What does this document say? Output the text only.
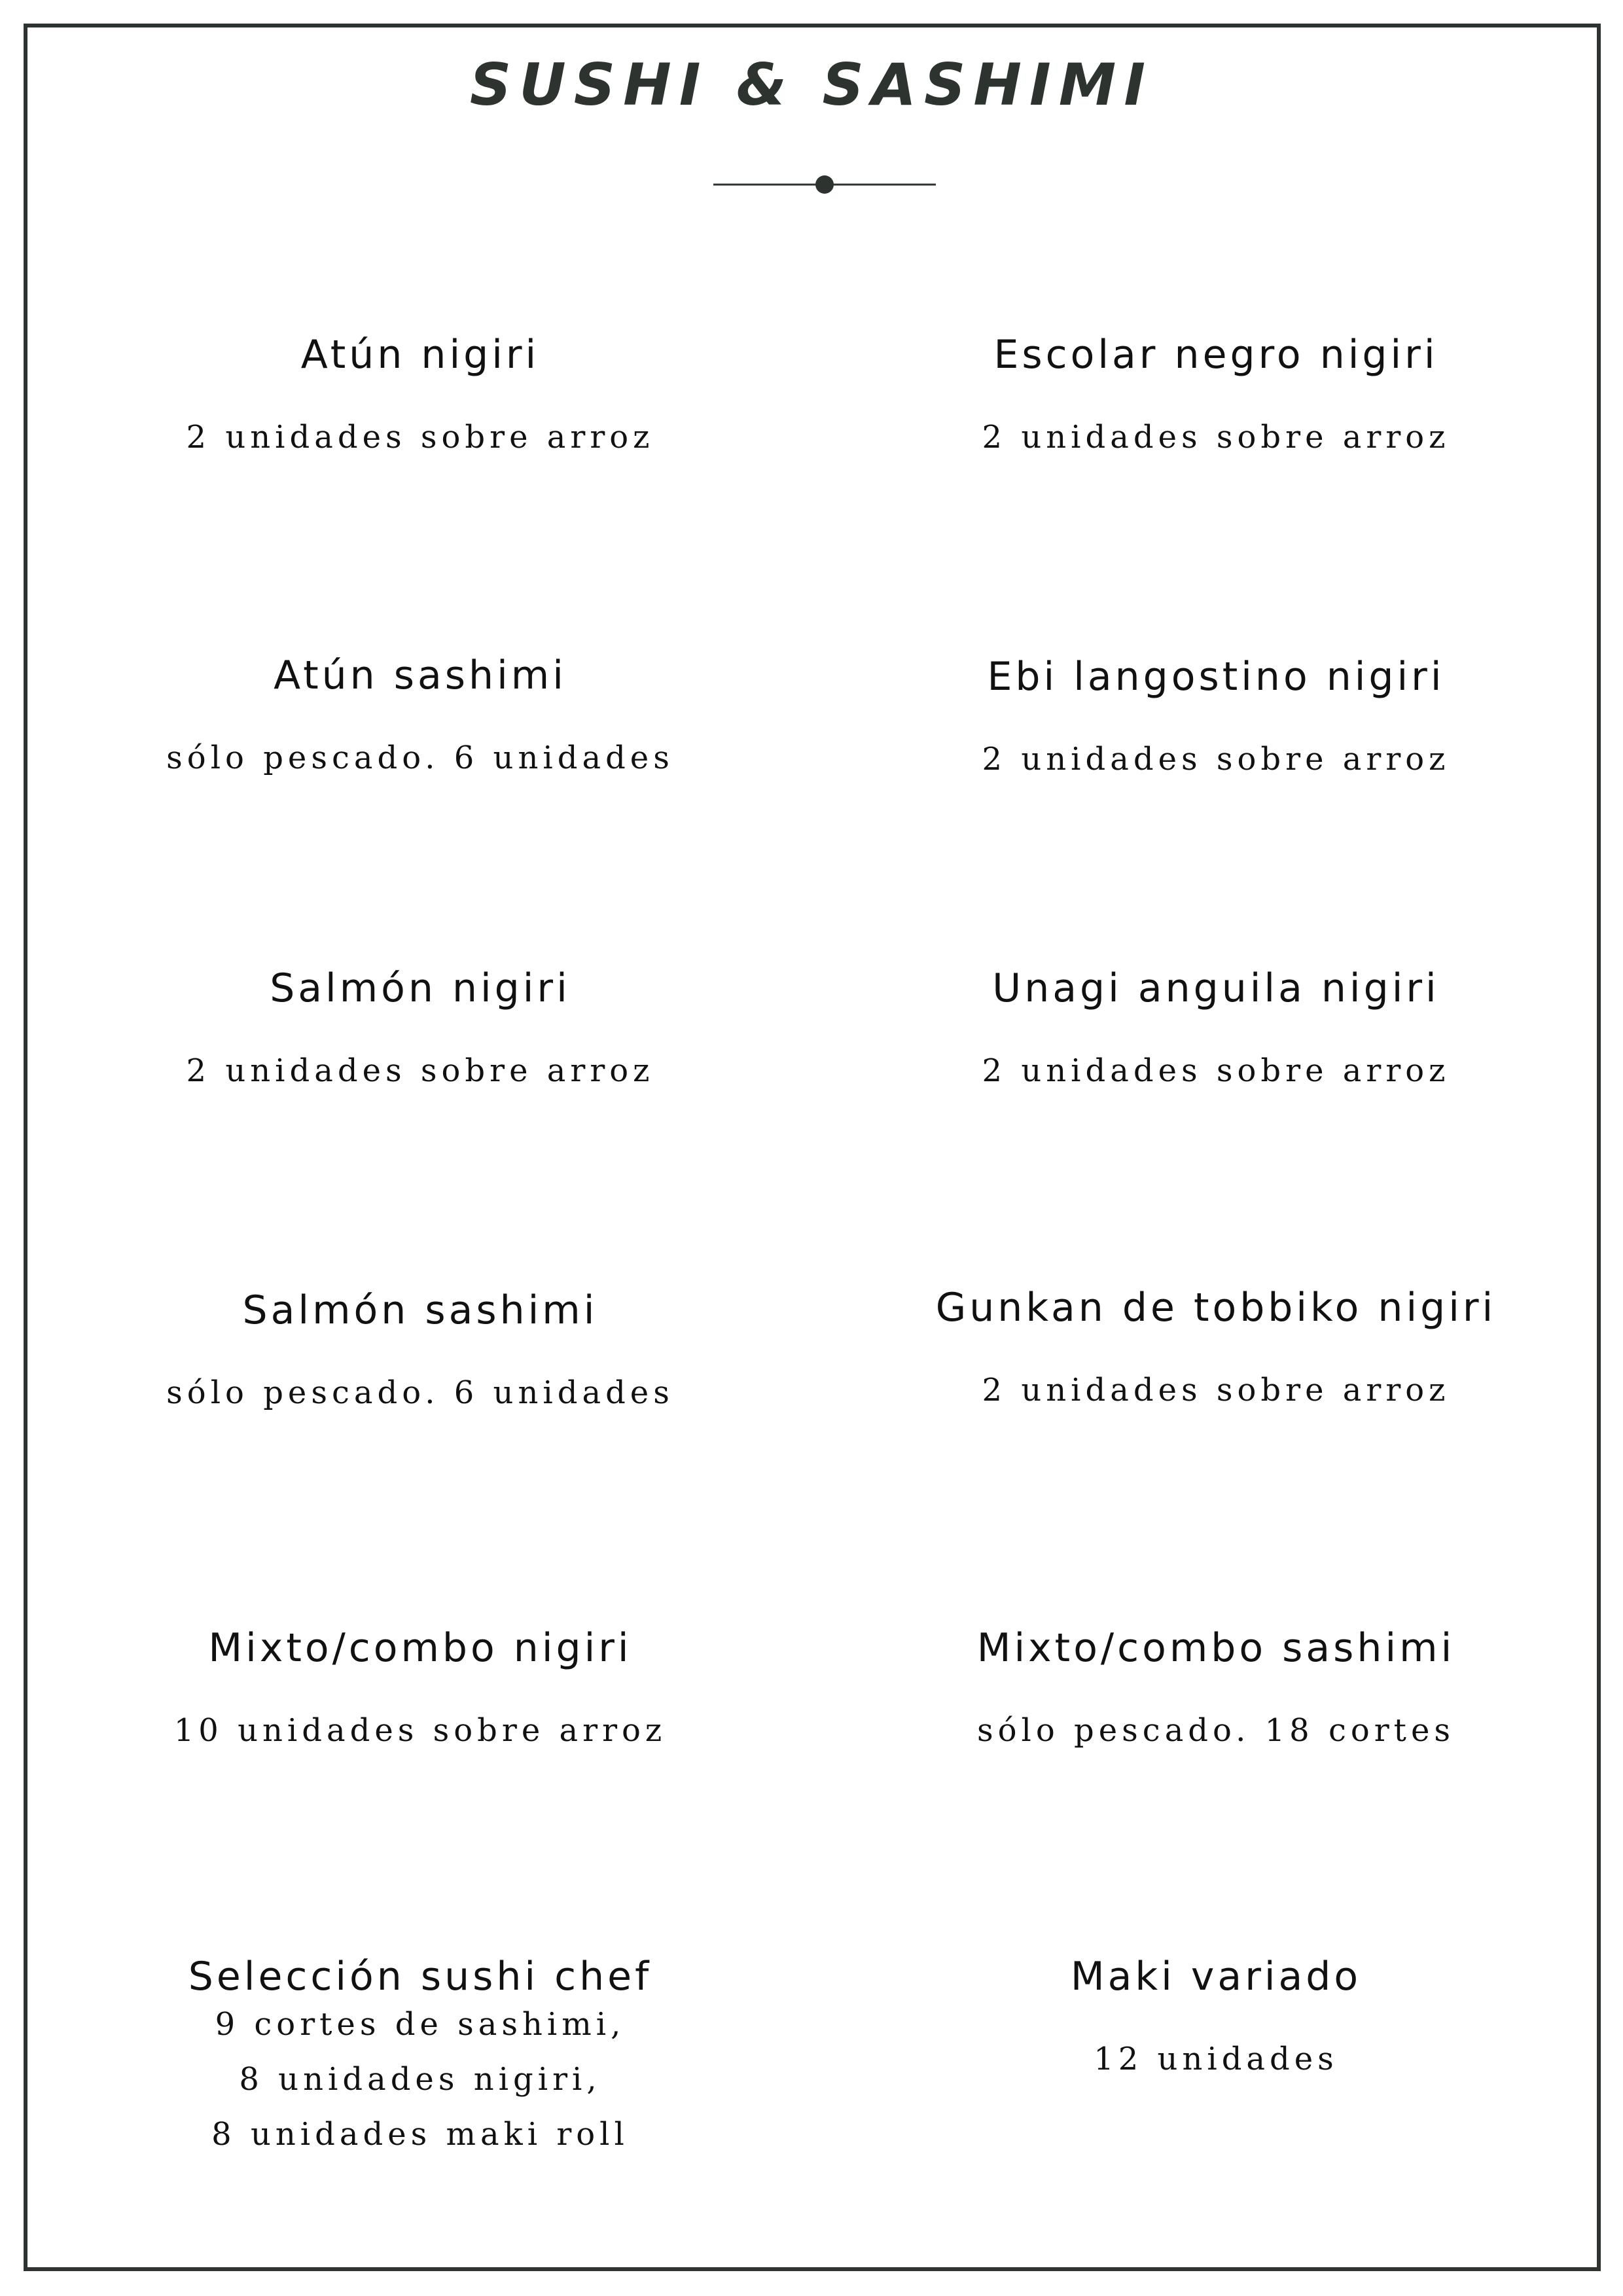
SUSHI & SASHIMI

Atún nigiri

2 unidades sobre arroz

Escolar negro nigiri

2 unidades sobre arroz

Atún sashimi

sólo pescado. 6 unidades

Ebi langostino nigiri

2 unidades sobre arroz

Salmón nigiri

2 unidades sobre arroz

Unagi anguila nigiri

2 unidades sobre arroz

Salmón sashimi

sólo pescado. 6 unidades

Gunkan de tobbiko nigiri

2 unidades sobre arroz

Mixto/combo nigiri

10 unidades sobre arroz

Mixto/combo sashimi

sólo pescado. 18 cortes

Selección sushi chef

9 cortes de sashimi,

8 unidades nigiri,

8 unidades maki roll

Maki variado

12 unidades
